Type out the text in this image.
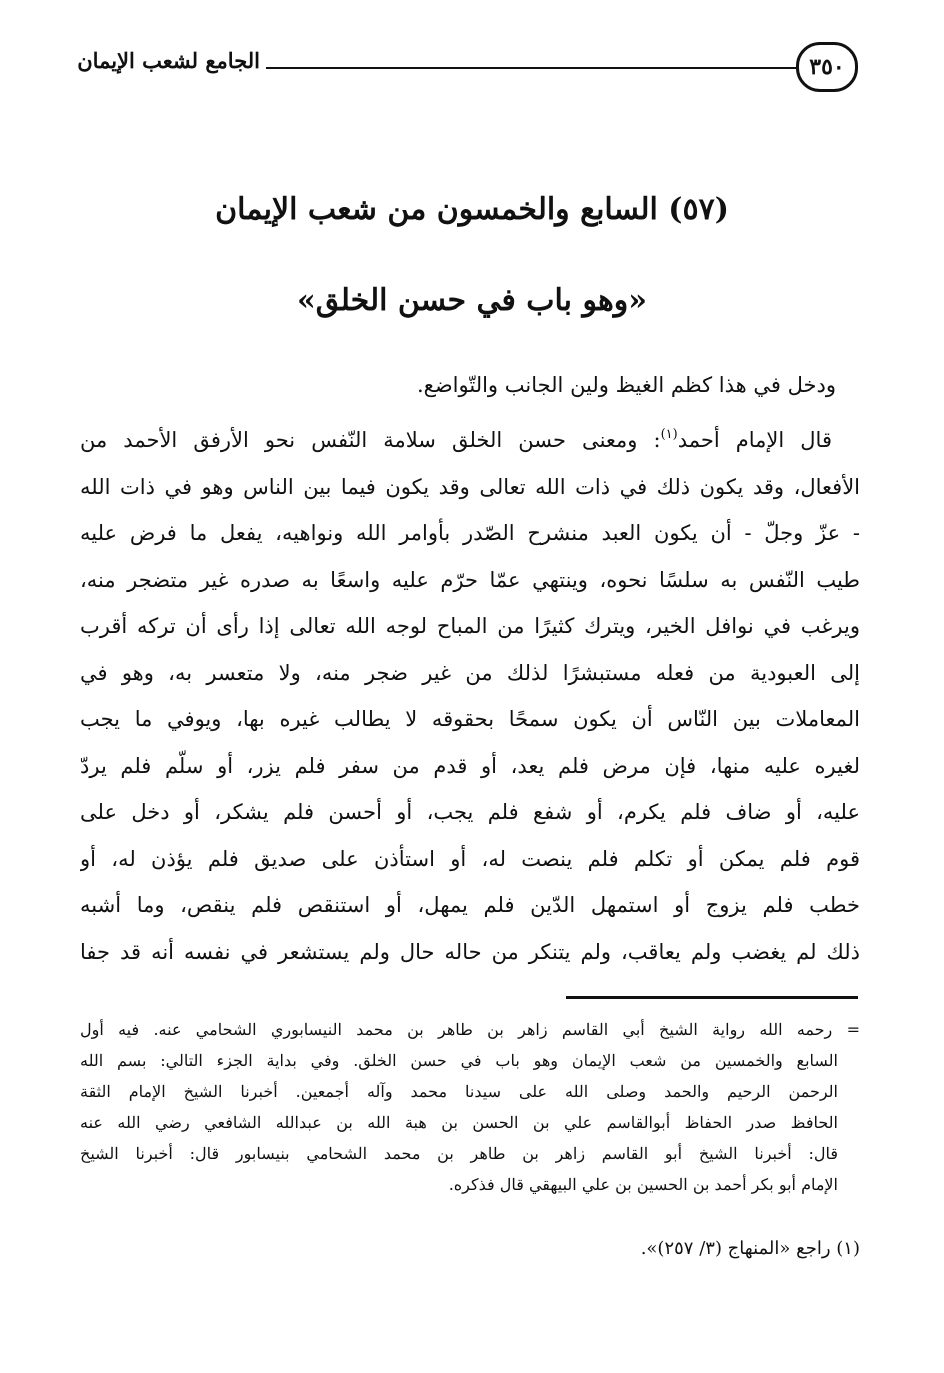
٣٥٠
الجامع لشعب الإيمان
(٥٧) السابع والخمسون من شعب الإيمان
«وهو باب في حسن الخلق»
ودخل في هذا كظم الغيظ ولين الجانب والتّواضع.
قال الإمام أحمد$^{(١)}$: ومعنى حسن الخلق سلامة النّفس نحو الأرفق الأحمد من
الأفعال، وقد يكون ذلك في ذات الله تعالى وقد يكون فيما بين الناس وهو في ذات الله
- عزّ وجلّ - أن يكون العبد منشرح الصّدر بأوامر الله ونواهيه، يفعل ما فرض عليه
طيب النّفس به سلسًا نحوه، وينتهي عمّا حرّم عليه واسعًا به صدره غير متضجر منه،
ويرغب في نوافل الخير، ويترك كثيرًا من المباح لوجه الله تعالى إذا رأى أن تركه أقرب
إلى العبودية من فعله مستبشرًا لذلك من غير ضجر منه، ولا متعسر به، وهو في
المعاملات بين النّاس أن يكون سمحًا بحقوقه لا يطالب غيره بها، ويوفي ما يجب
لغيره عليه منها، فإن مرض فلم يعد، أو قدم من سفر فلم يزر، أو سلّم فلم يردّ
عليه، أو ضاف فلم يكرم، أو شفع فلم يجب، أو أحسن فلم يشكر، أو دخل على
قوم فلم يمكن أو تكلم فلم ينصت له، أو استأذن على صديق فلم يؤذن له، أو
خطب فلم يزوج أو استمهل الدّين فلم يمهل، أو استنقص فلم ينقص، وما أشبه
ذلك لم يغضب ولم يعاقب، ولم يتنكر من حاله حال ولم يستشعر في نفسه أنه قد جفا
= رحمه الله رواية الشيخ أبي القاسم زاهر بن طاهر بن محمد النيسابوري الشحامي عنه. فيه أول
السابع والخمسين من شعب الإيمان وهو باب في حسن الخلق. وفي بداية الجزء التالي: بسم الله
الرحمن الرحيم والحمد وصلى الله على سيدنا محمد وآله أجمعين. أخبرنا الشيخ الإمام الثقة
الحافظ صدر الحفاظ أبوالقاسم علي بن الحسن بن هبة الله بن عبدالله الشافعي رضي الله عنه
قال: أخبرنا الشيخ أبو القاسم زاهر بن طاهر بن محمد الشحامي بنيسابور قال: أخبرنا الشيخ
الإمام أبو بكر أحمد بن الحسين بن علي البيهقي قال فذكره.
(١) راجع «المنهاج (٣/ ٢٥٧)».
